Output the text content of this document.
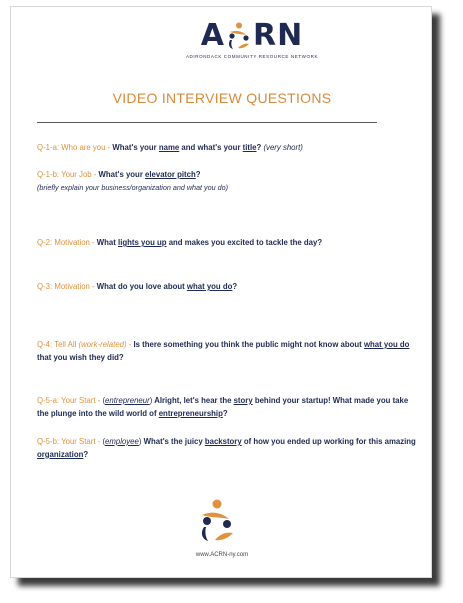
A RN
ADIRONDACK COMMUNITY RESOURCE NETWORK
VIDEO INTERVIEW QUESTIONS
Q-1-a: Who are you - What's your name and what's your title? (very short)
Q-1-b: Your Job - What's your elevator pitch?
(briefly explain your business/organization and what you do)
Q-2: Motivation - What lights you up and makes you excited to tackle the day?
Q-3: Motivation - What do you love about what you do?
Q-4: Tell All (work-related) - Is there something you think the public might not know about what you do that you wish they did?
Q-5-a: Your Start - (entrepreneur) Alright, let's hear the story behind your startup! What made you take the plunge into the wild world of entrepreneurship?
Q-5-b: Your Start - (employee) What's the juicy backstory of how you ended up working for this amazing organization?
www.ACRN-ny.com
